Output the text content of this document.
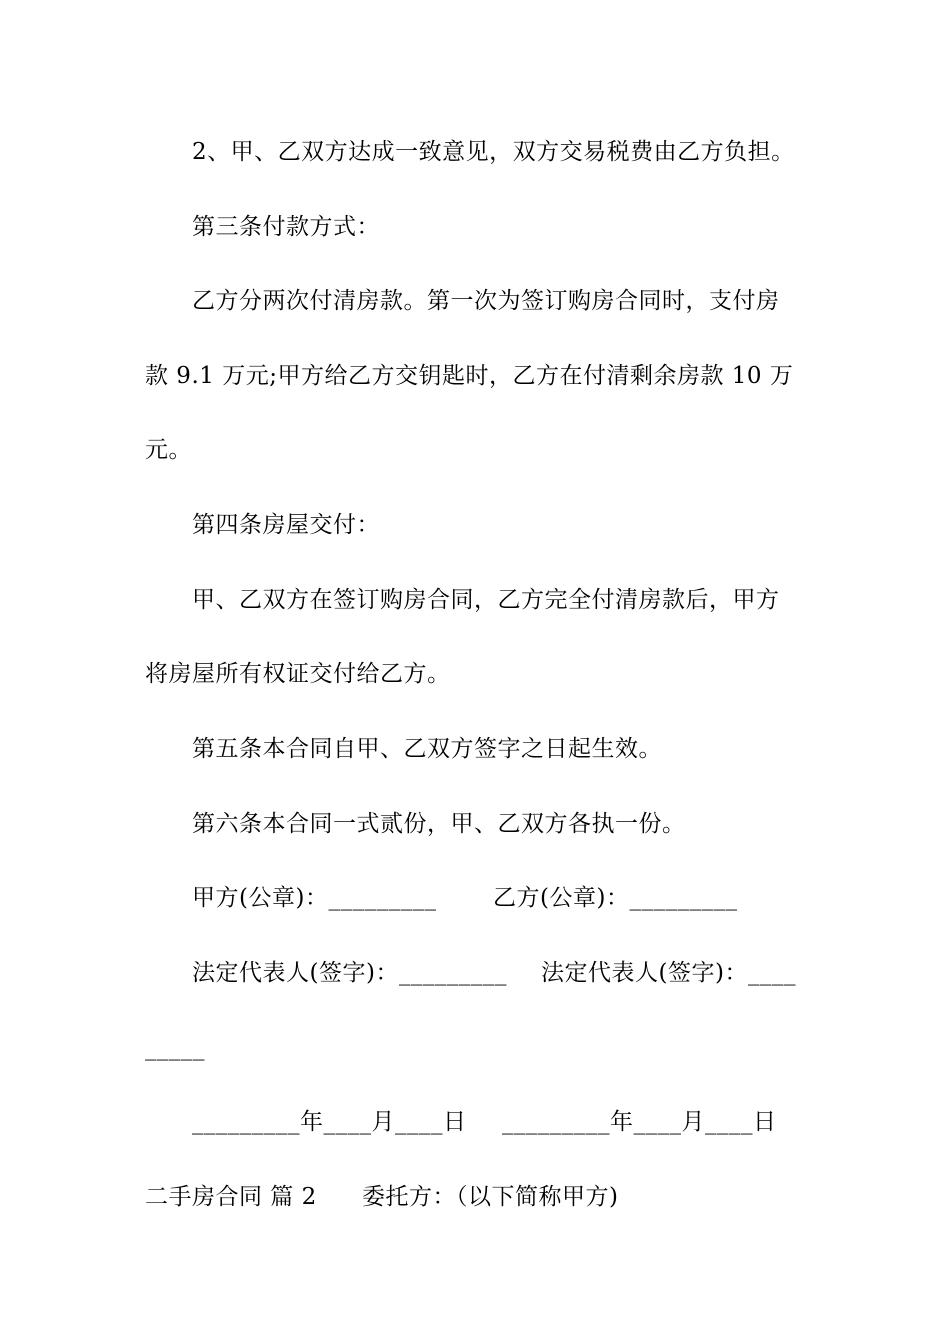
2、甲、乙双方达成一致意见，双方交易税费由乙方负担。
第三条付款方式：
乙方分两次付清房款。第一次为签订购房合同时，支付房
款 9.1 万元;甲方给乙方交钥匙时，乙方在付清剩余房款 10 万
元。
第四条房屋交付：
甲、乙双方在签订购房合同，乙方完全付清房款后，甲方
将房屋所有权证交付给乙方。
第五条本合同自甲、乙双方签字之日起生效。
第六条本合同一式贰份，甲、乙双方各执一份。
甲方(公章)：_________ 乙方(公章)：_________
法定代表人(签字)：_________ 法定代表人(签字)：____
_____
_________年____月____日 _________年____月____日
二手房合同 篇 2 委托方：（以下简称甲方)
